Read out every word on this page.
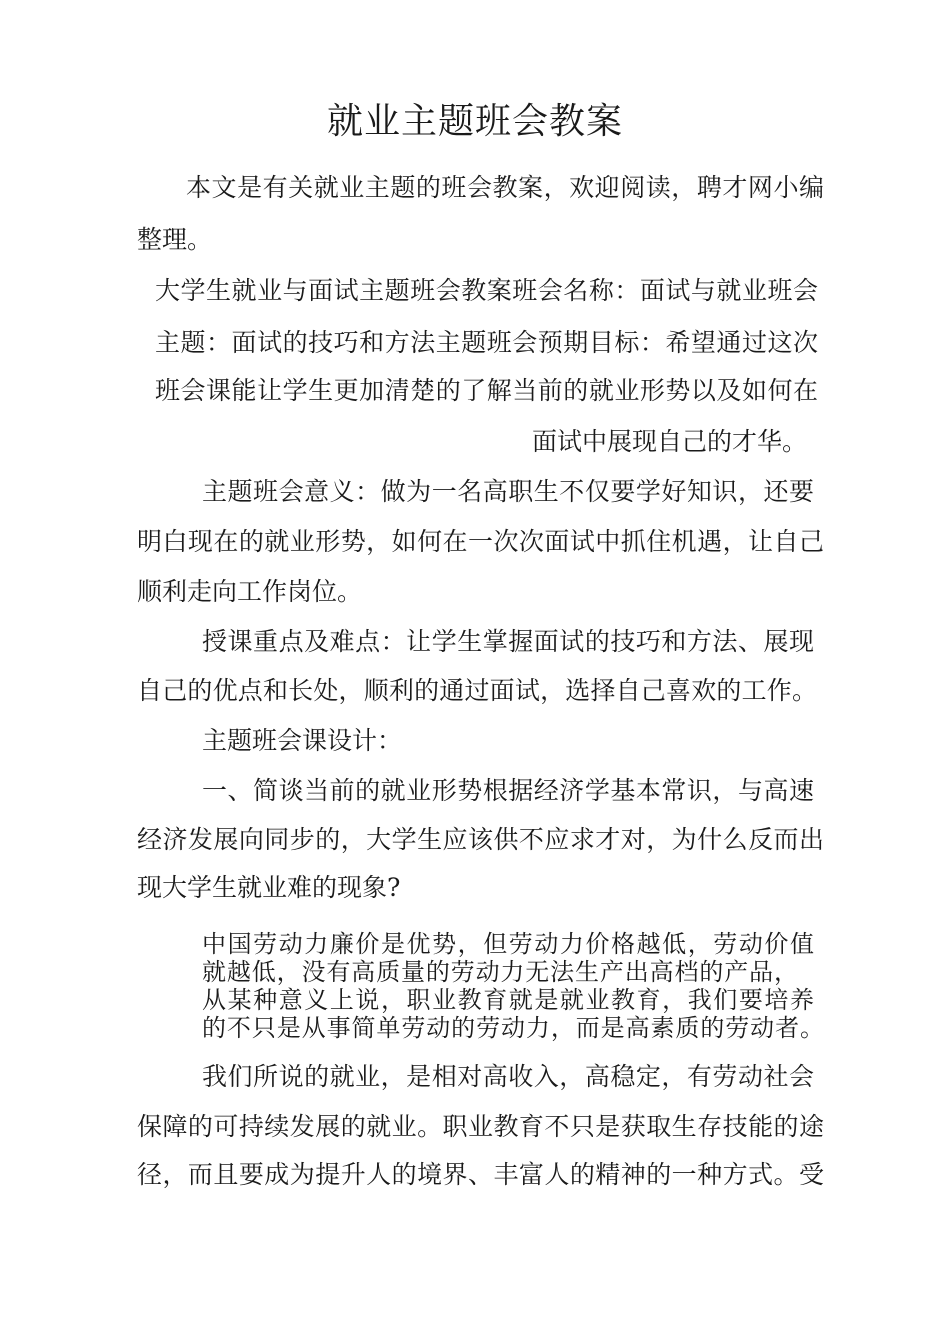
就业主题班会教案
本文是有关就业主题的班会教案，欢迎阅读，聘才网小编
整理。
大学生就业与面试主题班会教案班会名称：面试与就业班会
主题：面试的技巧和方法主题班会预期目标：希望通过这次
班会课能让学生更加清楚的了解当前的就业形势以及如何在
面试中展现自己的才华。
主题班会意义：做为一名高职生不仅要学好知识，还要
明白现在的就业形势，如何在一次次面试中抓住机遇，让自己
顺利走向工作岗位。
授课重点及难点：让学生掌握面试的技巧和方法、展现
自己的优点和长处，顺利的通过面试，选择自己喜欢的工作。
主题班会课设计：
一、简谈当前的就业形势根据经济学基本常识，与高速
经济发展向同步的，大学生应该供不应求才对，为什么反而出
现大学生就业难的现象?
中国劳动力廉价是优势，但劳动力价格越低，劳动价值
就越低，没有高质量的劳动力无法生产出高档的产品，
从某种意义上说，职业教育就是就业教育，我们要培养
的不只是从事简单劳动的劳动力，而是高素质的劳动者。
我们所说的就业，是相对高收入，高稳定，有劳动社会
保障的可持续发展的就业。职业教育不只是获取生存技能的途
径，而且要成为提升人的境界、丰富人的精神的一种方式。受
